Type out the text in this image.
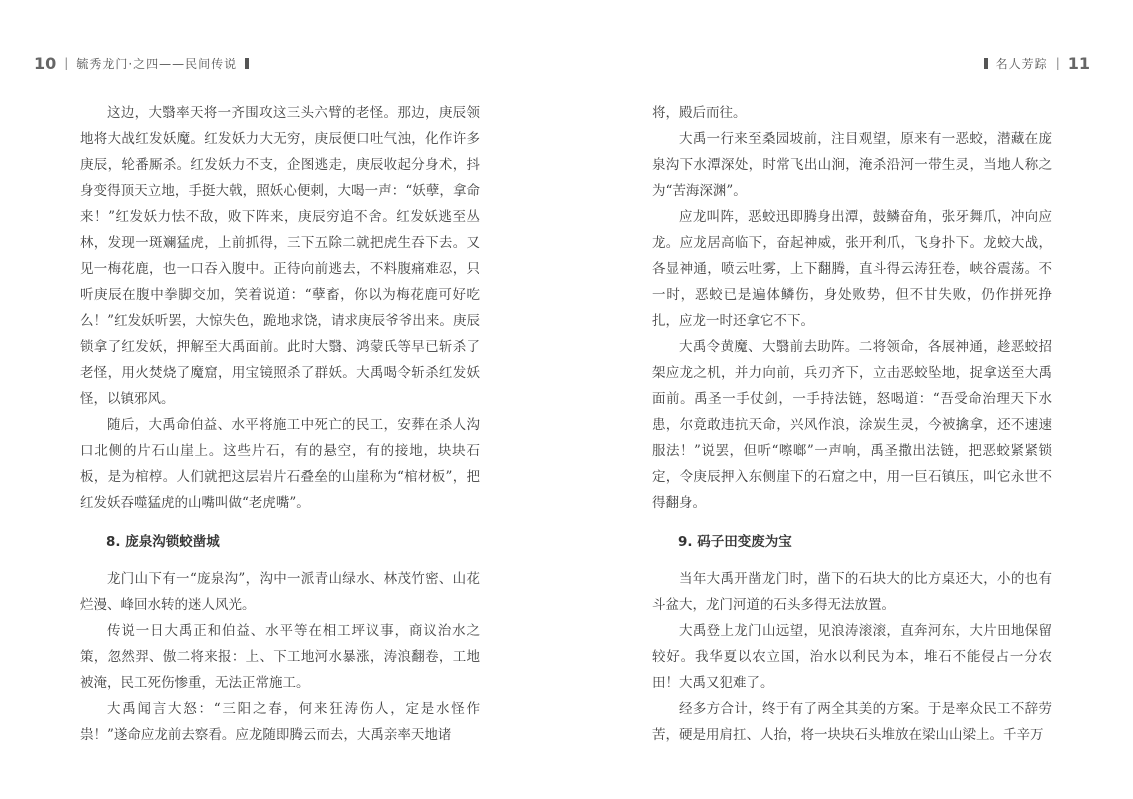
10 | 毓秀龙门·之四——民间传说

这边，大翳率天将一齐围攻这三头六臂的老怪。那边，庚辰领地将大战红发妖魔。红发妖力大无穷，庚辰便口吐气浊，化作许多庚辰，轮番厮杀。红发妖力不支，企图逃走，庚辰收起分身术，抖身变得顶天立地，手挺大戟，照妖心便刺，大喝一声：“妖孽，拿命来！”红发妖力怯不敌，败下阵来，庚辰穷追不舍。红发妖逃至丛林，发现一斑斓猛虎，上前抓得，三下五除二就把虎生吞下去。又见一梅花鹿，也一口吞入腹中。正待向前逃去，不料腹痛难忍，只听庚辰在腹中拳脚交加，笑着说道：“孽畜，你以为梅花鹿可好吃么！”红发妖听罢，大惊失色，跪地求饶，请求庚辰爷爷出来。庚辰锁拿了红发妖，押解至大禹面前。此时大翳、鸿蒙氏等早已斩杀了老怪，用火焚烧了魔窟，用宝镜照杀了群妖。大禹喝令斩杀红发妖怪，以镇邪风。

随后，大禹命伯益、水平将施工中死亡的民工，安葬在杀人沟口北侧的片石山崖上。这些片石，有的悬空，有的接地，块块石板，是为棺椁。人们就把这层岩片石叠垒的山崖称为“棺材板”，把红发妖吞噬猛虎的山嘴叫做“老虎嘴”。

8. 庞泉沟锁蛟凿城

龙门山下有一“庞泉沟”，沟中一派青山绿水、林茂竹密、山花烂漫、峰回水转的迷人风光。

传说一日大禹正和伯益、水平等在相工坪议事，商议治水之策，忽然羿、傲二将来报：上、下工地河水暴涨，涛浪翻卷，工地被淹，民工死伤惨重，无法正常施工。

大禹闻言大怒：“三阳之春，何来狂涛伤人，定是水怪作祟！”遂命应龙前去察看。应龙随即腾云而去，大禹亲率天地诸

名人芳踪 | 11

将，殿后而往。

大禹一行来至桑园坡前，注目观望，原来有一恶蛟，潜藏在庞泉沟下水潭深处，时常飞出山涧，淹杀沿河一带生灵，当地人称之为“苦海深渊”。

应龙叫阵，恶蛟迅即腾身出潭，鼓鳞奋角，张牙舞爪，冲向应龙。应龙居高临下，奋起神威，张开利爪，飞身扑下。龙蛟大战，各显神通，喷云吐雾，上下翻腾，直斗得云涛狂卷，峡谷震荡。不一时，恶蛟已是遍体鳞伤，身处败势，但不甘失败，仍作拼死挣扎，应龙一时还拿它不下。

大禹令黄魔、大翳前去助阵。二将领命，各展神通，趁恶蛟招架应龙之机，并力向前，兵刃齐下，立击恶蛟坠地，捉拿送至大禹面前。禹圣一手仗剑，一手持法链，怒喝道：“吾受命治理天下水患，尔竟敢违抗天命，兴风作浪，涂炭生灵，今被擒拿，还不速速服法！”说罢，但听“嚓啷”一声响，禹圣撒出法链，把恶蛟紧紧锁定，令庚辰押入东侧崖下的石窟之中，用一巨石镇压，叫它永世不得翻身。

9. 码子田变废为宝

当年大禹开凿龙门时，凿下的石块大的比方桌还大，小的也有斗盆大，龙门河道的石头多得无法放置。

大禹登上龙门山远望，见浪涛滚滚，直奔河东，大片田地保留较好。我华夏以农立国，治水以利民为本，堆石不能侵占一分农田！大禹又犯难了。

经多方合计，终于有了两全其美的方案。于是率众民工不辞劳苦，硬是用肩扛、人抬，将一块块石头堆放在梁山山梁上。千辛万
